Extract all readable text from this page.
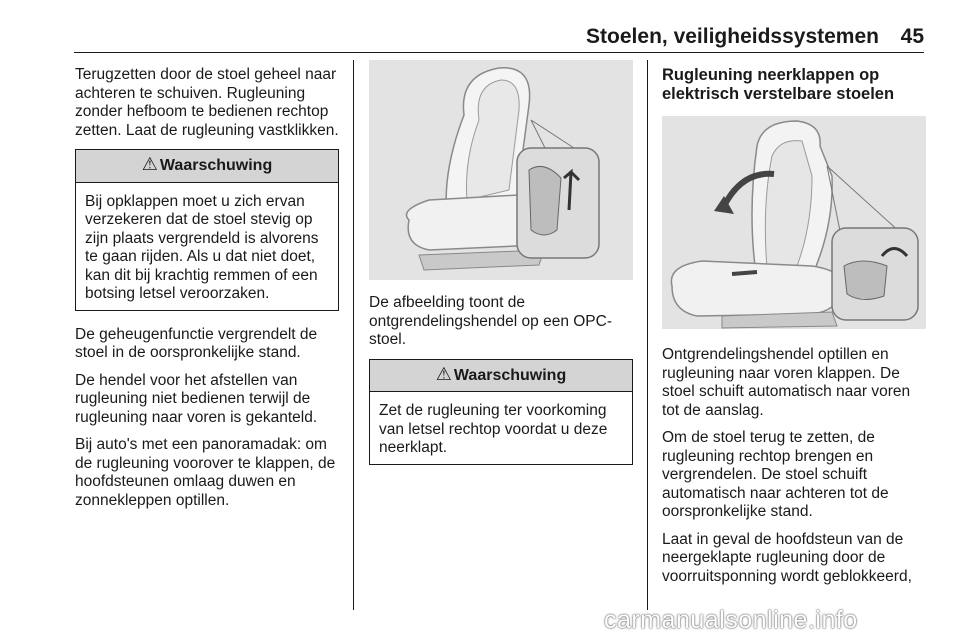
Stoelen, veiligheidssystemen 45

Terugzetten door de stoel geheel naar achteren te schuiven. Rugleuning zonder hefboom te bedienen rechtop zetten. Laat de rugleuning vastklikken.

⚠ Waarschuwing
Bij opklappen moet u zich ervan verzekeren dat de stoel stevig op zijn plaats vergrendeld is alvorens te gaan rijden. Als u dat niet doet, kan dit bij krachtig remmen of een botsing letsel veroorzaken.

De geheugenfunctie vergrendelt de stoel in de oorspronkelijke stand.

De hendel voor het afstellen van rugleuning niet bedienen terwijl de rugleuning naar voren is gekanteld.

Bij auto's met een panoramadak: om de rugleuning voorover te klappen, de hoofdsteunen omlaag duwen en zonnekleppen optillen.

De afbeelding toont de ontgrendelingshendel op een OPC-stoel.

⚠ Waarschuwing
Zet de rugleuning ter voorkoming van letsel rechtop voordat u deze neerklapt.
Rugleuning neerklappen op elektrisch verstelbare stoelen

Ontgrendelingshendel optillen en rugleuning naar voren klappen. De stoel schuift automatisch naar voren tot de aanslag.

Om de stoel terug te zetten, de rugleuning rechtop brengen en vergrendelen. De stoel schuift automatisch naar achteren tot de oorspronkelijke stand.

Laat in geval de hoofdsteun van de neergeklapte rugleuning door de voorruitsponning wordt geblokkeerd,

carmanualsonline.info
